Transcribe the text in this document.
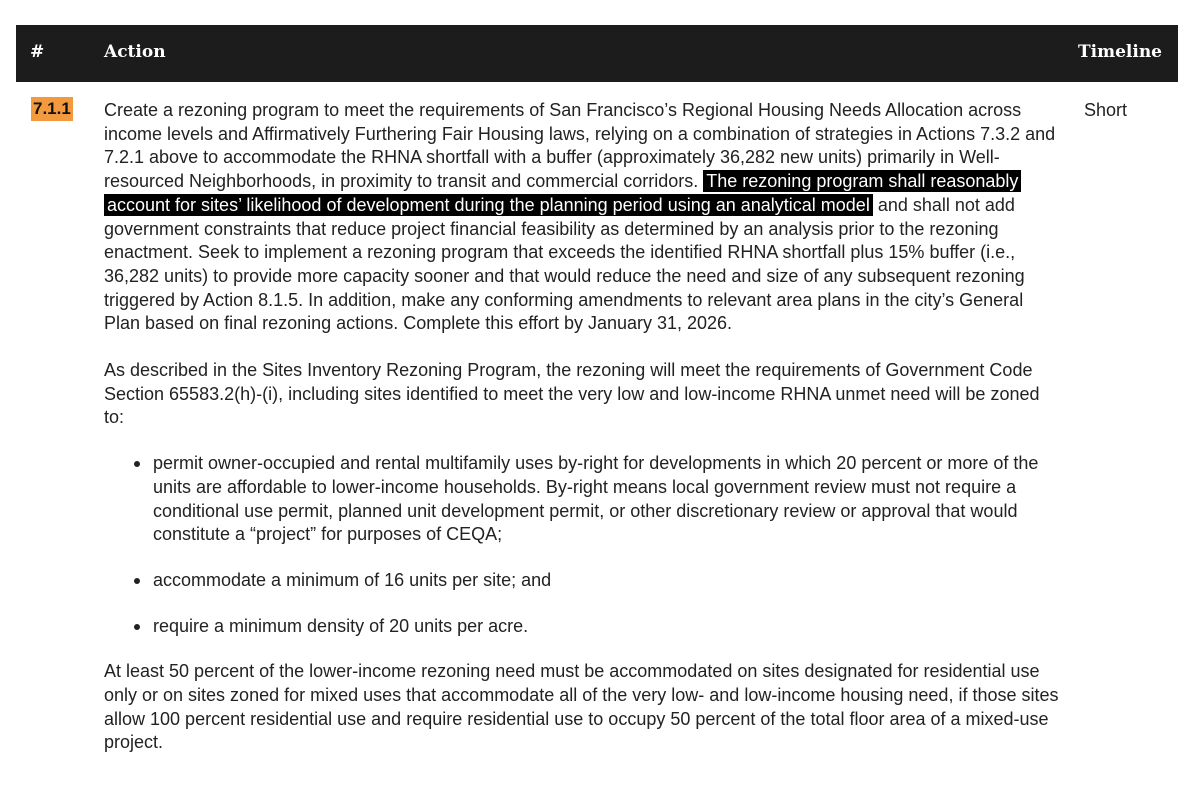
#	Action	Timeline
7.1.1 Create a rezoning program to meet the requirements of San Francisco’s Regional Housing Needs Allocation across income levels and Affirmatively Furthering Fair Housing laws, relying on a combination of strategies in Actions 7.3.2 and 7.2.1 above to accommodate the RHNA shortfall with a buffer (approximately 36,282 new units) primarily in Well-resourced Neighborhoods, in proximity to transit and commercial corridors. The rezoning program shall reasonably account for sites’ likelihood of development during the planning period using an analytical model and shall not add government constraints that reduce project financial feasibility as determined by an analysis prior to the rezoning enactment. Seek to implement a rezoning program that exceeds the identified RHNA shortfall plus 15% buffer (i.e., 36,282 units) to provide more capacity sooner and that would reduce the need and size of any subsequent rezoning triggered by Action 8.1.5. In addition, make any conforming amendments to relevant area plans in the city’s General Plan based on final rezoning actions. Complete this effort by January 31, 2026.

As described in the Sites Inventory Rezoning Program, the rezoning will meet the requirements of Government Code Section 65583.2(h)-(i), including sites identified to meet the very low and low-income RHNA unmet need will be zoned to:

permit owner-occupied and rental multifamily uses by-right for developments in which 20 percent or more of the units are affordable to lower-income households. By-right means local government review must not require a conditional use permit, planned unit development permit, or other discretionary review or approval that would constitute a “project” for purposes of CEQA;
accommodate a minimum of 16 units per site; and
require a minimum density of 20 units per acre.

At least 50 percent of the lower-income rezoning need must be accommodated on sites designated for residential use only or on sites zoned for mixed uses that accommodate all of the very low- and low-income housing need, if those sites allow 100 percent residential use and require residential use to occupy 50 percent of the total floor area of a mixed-use project.

Short
